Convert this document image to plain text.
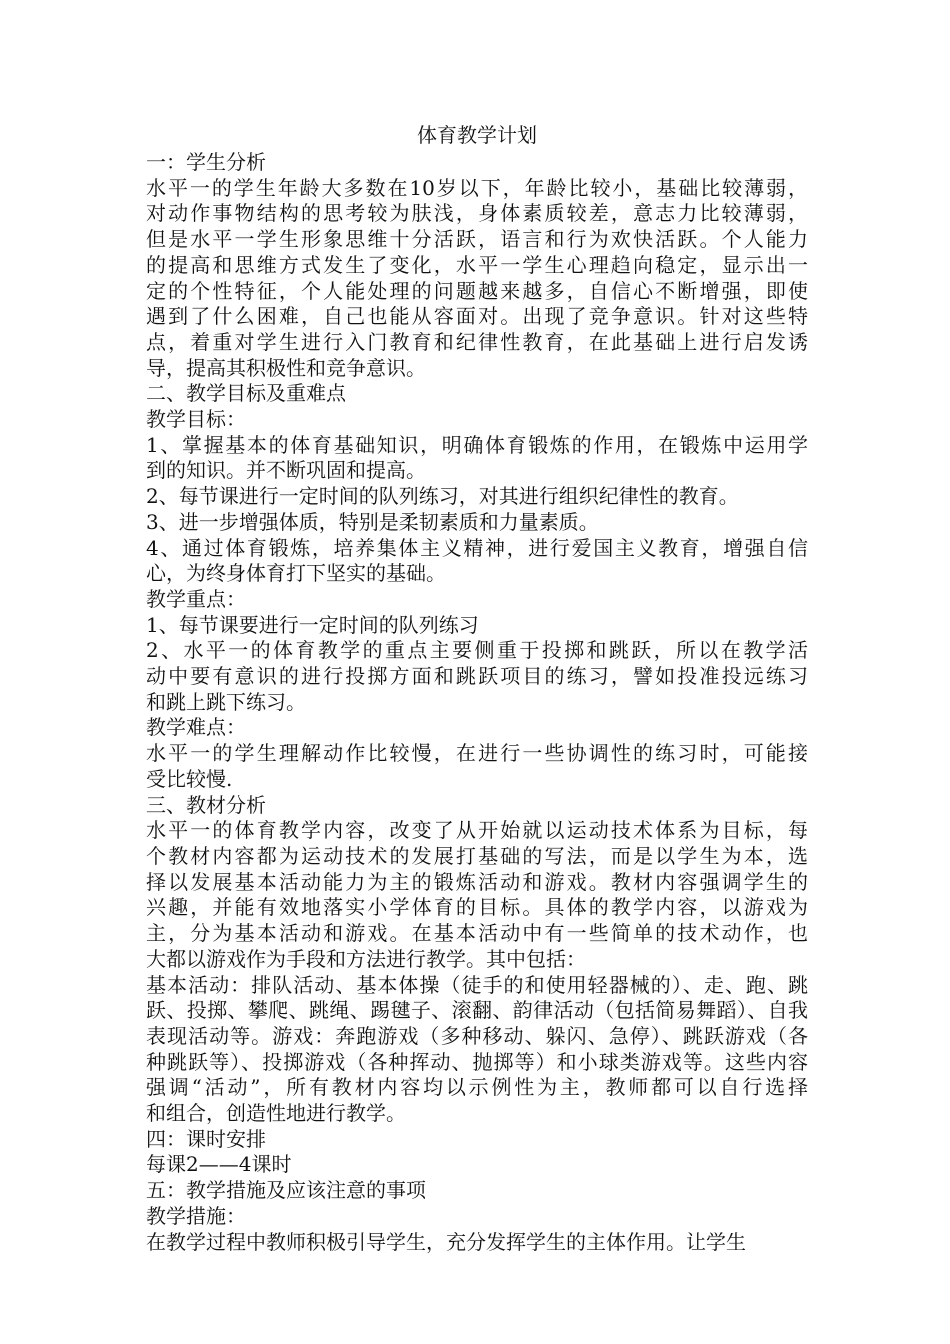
体育教学计划
一：学生分析
水平一的学生年龄大多数在10岁以下，年龄比较小，基础比较薄弱，
对动作事物结构的思考较为肤浅，身体素质较差，意志力比较薄弱，
但是水平一学生形象思维十分活跃，语言和行为欢快活跃。个人能力
的提高和思维方式发生了变化，水平一学生心理趋向稳定，显示出一
定的个性特征，个人能处理的问题越来越多，自信心不断增强，即使
遇到了什么困难，自己也能从容面对。出现了竞争意识。针对这些特
点，着重对学生进行入门教育和纪律性教育，在此基础上进行启发诱
导，提高其积极性和竞争意识。
二、教学目标及重难点
教学目标：
1、掌握基本的体育基础知识，明确体育锻炼的作用，在锻炼中运用学
到的知识。并不断巩固和提高。
2、每节课进行一定时间的队列练习，对其进行组织纪律性的教育。
3、进一步增强体质，特别是柔韧素质和力量素质。
4、通过体育锻炼，培养集体主义精神，进行爱国主义教育，增强自信
心，为终身体育打下坚实的基础。
教学重点：
1、每节课要进行一定时间的队列练习
2、水平一的体育教学的重点主要侧重于投掷和跳跃，所以在教学活
动中要有意识的进行投掷方面和跳跃项目的练习，譬如投准投远练习
和跳上跳下练习。
教学难点：
水平一的学生理解动作比较慢，在进行一些协调性的练习时，可能接
受比较慢.
三、教材分析
水平一的体育教学内容，改变了从开始就以运动技术体系为目标，每
个教材内容都为运动技术的发展打基础的写法，而是以学生为本，选
择以发展基本活动能力为主的锻炼活动和游戏。教材内容强调学生的
兴趣，并能有效地落实小学体育的目标。具体的教学内容，以游戏为
主，分为基本活动和游戏。在基本活动中有一些简单的技术动作，也
大都以游戏作为手段和方法进行教学。其中包括：
基本活动：排队活动、基本体操（徒手的和使用轻器械的）、走、跑、跳
跃、投掷、攀爬、跳绳、踢毽子、滚翻、韵律活动（包括简易舞蹈）、自我
表现活动等。游戏：奔跑游戏（多种移动、躲闪、急停）、跳跃游戏（各
种跳跃等）、投掷游戏（各种挥动、抛掷等）和小球类游戏等。这些内容
强调“活动”，所有教材内容均以示例性为主，教师都可以自行选择
和组合，创造性地进行教学。
四：课时安排
每课2——4课时
五：教学措施及应该注意的事项
教学措施：
在教学过程中教师积极引导学生，充分发挥学生的主体作用。让学生
